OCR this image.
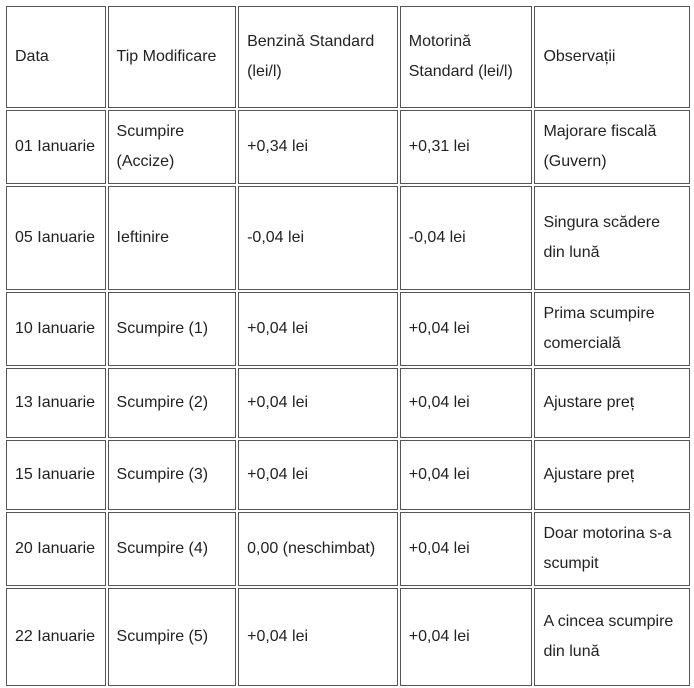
Data	Tip Modificare	Benzină Standard (lei/l)	Motorină Standard (lei/l)	Observații
01 Ianuarie	Scumpire (Accize)	+0,34 lei	+0,31 lei	Majorare fiscală (Guvern)
05 Ianuarie	Ieftinire	-0,04 lei	-0,04 lei	Singura scădere din lună
10 Ianuarie	Scumpire (1)	+0,04 lei	+0,04 lei	Prima scumpire comercială
13 Ianuarie	Scumpire (2)	+0,04 lei	+0,04 lei	Ajustare preț
15 Ianuarie	Scumpire (3)	+0,04 lei	+0,04 lei	Ajustare preț
20 Ianuarie	Scumpire (4)	0,00 (neschimbat)	+0,04 lei	Doar motorina s-a scumpit
22 Ianuarie	Scumpire (5)	+0,04 lei	+0,04 lei	A cincea scumpire din lună
